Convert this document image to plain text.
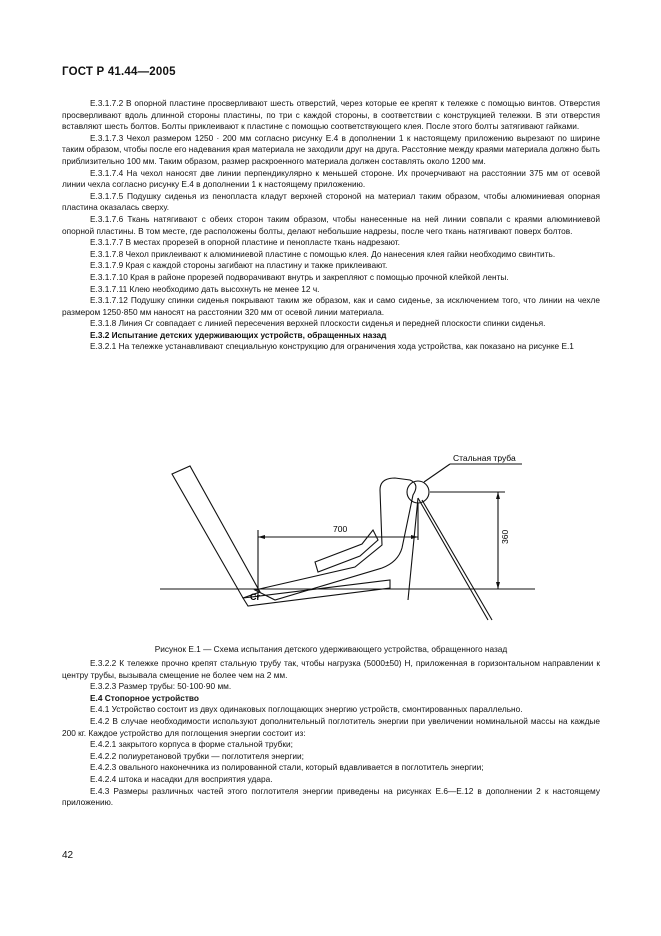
ГОСТ Р 41.44—2005

E.3.1.7.2 В опорной пластине просверливают шесть отверстий, через которые ее крепят к тележке с помощью винтов. Отверстия просверливают вдоль длинной стороны пластины, по три с каждой стороны, в соответствии с конструкцией тележки. В эти отверстия вставляют шесть болтов. Болты приклеивают к пластине с помощью соответствующего клея. После этого болты затягивают гайками.

E.3.1.7.3 Чехол размером 1250 · 200 мм согласно рисунку E.4 в дополнении 1 к настоящему приложению вырезают по ширине таким образом, чтобы после его надевания края материала не заходили друг на друга. Расстояние между краями материала должно быть приблизительно 100 мм. Таким образом, размер раскроенного материала должен составлять около 1200 мм.

E.3.1.7.4 На чехол наносят две линии перпендикулярно к меньшей стороне. Их прочерчивают на расстоянии 375 мм от осевой линии чехла согласно рисунку E.4 в дополнении 1 к настоящему приложению.

E.3.1.7.5 Подушку сиденья из пенопласта кладут верхней стороной на материал таким образом, чтобы алюминиевая опорная пластина оказалась сверху.

E.3.1.7.6 Ткань натягивают с обеих сторон таким образом, чтобы нанесенные на ней линии совпали с краями алюминиевой опорной пластины. В том месте, где расположены болты, делают небольшие надрезы, после чего ткань натягивают поверх болтов.

E.3.1.7.7 В местах прорезей в опорной пластине и пенопласте ткань надрезают.

E.3.1.7.8 Чехол приклеивают к алюминиевой пластине с помощью клея. До нанесения клея гайки необходимо свинтить.

E.3.1.7.9 Края с каждой стороны загибают на пластину и также приклеивают.

E.3.1.7.10 Края в районе прорезей подворачивают внутрь и закрепляют с помощью прочной клейкой ленты.

E.3.1.7.11 Клею необходимо дать высохнуть не менее 12 ч.

E.3.1.7.12 Подушку спинки сиденья покрывают таким же образом, как и само сиденье, за исключением того, что линии на чехле размером 1250·850 мм наносят на расстоянии 320 мм от осевой линии материала.

E.3.1.8 Линия Cr совпадает с линией пересечения верхней плоскости сиденья и передней плоскости спинки сиденья.

E.3.2 Испытание детских удерживающих устройств, обращенных назад

E.3.2.1 На тележке устанавливают специальную конструкцию для ограничения хода устройства, как показано на рисунке E.1

Стальная труба
700
360
Cr
Рисунок E.1 — Схема испытания детского удерживающего устройства, обращенного назад

E.3.2.2 К тележке прочно крепят стальную трубу так, чтобы нагрузка (5000±50) Н, приложенная в горизонтальном направлении к центру трубы, вызывала смещение не более чем на 2 мм.

E.3.2.3 Размер трубы: 50·100·90 мм.

E.4 Стопорное устройство

E.4.1 Устройство состоит из двух одинаковых поглощающих энергию устройств, смонтированных параллельно.

E.4.2 В случае необходимости используют дополнительный поглотитель энергии при увеличении номинальной массы на каждые 200 кг. Каждое устройство для поглощения энергии состоит из:

E.4.2.1 закрытого корпуса в форме стальной трубки;

E.4.2.2 полиуретановой трубки — поглотителя энергии;

E.4.2.3 овального наконечника из полированной стали, который вдавливается в поглотитель энергии;

E.4.2.4 штока и насадки для восприятия удара.

E.4.3 Размеры различных частей этого поглотителя энергии приведены на рисунках E.6—E.12 в дополнении 2 к настоящему приложению.

42
